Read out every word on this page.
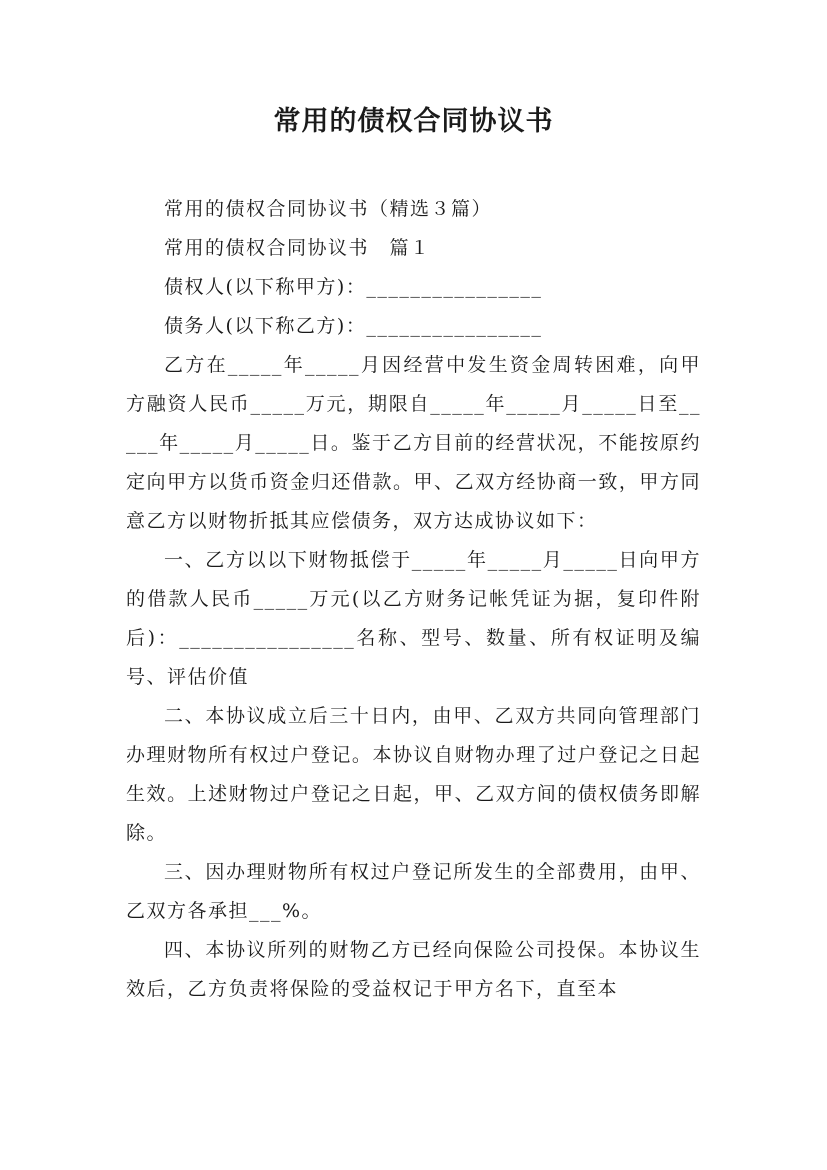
常用的债权合同协议书

常用的债权合同协议书（精选３篇）

常用的债权合同协议书　篇１

债权人(以下称甲方)：________________

债务人(以下称乙方)：________________

乙方在_____年_____月因经营中发生资金周转困难，向甲方融资人民币_____万元，期限自_____年_____月_____日至_____年_____月_____日。鉴于乙方目前的经营状况，不能按原约定向甲方以货币资金归还借款。甲、乙双方经协商一致，甲方同意乙方以财物折抵其应偿债务，双方达成协议如下：

一、乙方以以下财物抵偿于_____年_____月_____日向甲方的借款人民币_____万元(以乙方财务记帐凭证为据，复印件附后)：________________名称、型号、数量、所有权证明及编号、评估价值

二、本协议成立后三十日内，由甲、乙双方共同向管理部门办理财物所有权过户登记。本协议自财物办理了过户登记之日起生效。上述财物过户登记之日起，甲、乙双方间的债权债务即解除。

三、因办理财物所有权过户登记所发生的全部费用，由甲、乙双方各承担___%。

四、本协议所列的财物乙方已经向保险公司投保。本协议生效后，乙方负责将保险的受益权记于甲方名下，直至本
